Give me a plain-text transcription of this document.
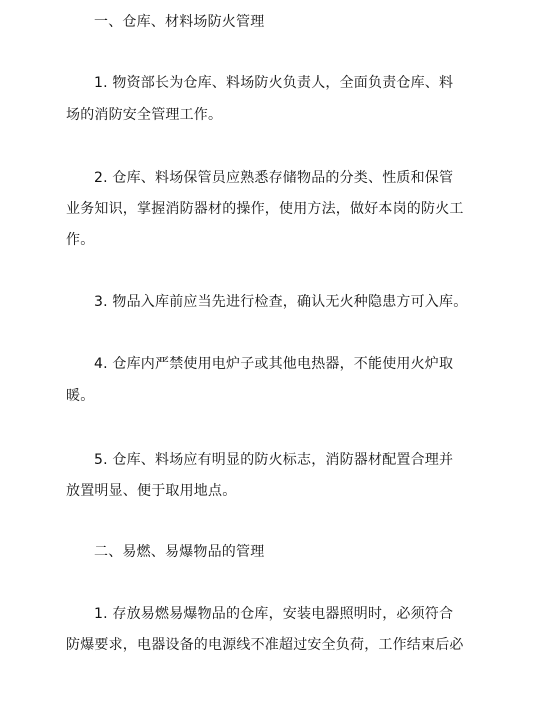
一、仓库、材料场防火管理
1. 物资部长为仓库、料场防火负责人，全面负责仓库、料
场的消防安全管理工作。
2. 仓库、料场保管员应熟悉存储物品的分类、性质和保管
业务知识，掌握消防器材的操作，使用方法，做好本岗的防火工
作。
3. 物品入库前应当先进行检查，确认无火种隐患方可入库。
4. 仓库内严禁使用电炉子或其他电热器，不能使用火炉取
暖。
5. 仓库、料场应有明显的防火标志，消防器材配置合理并
放置明显、便于取用地点。
二、易燃、易爆物品的管理
1. 存放易燃易爆物品的仓库，安装电器照明时，必须符合
防爆要求，电器设备的电源线不准超过安全负荷，工作结束后必
